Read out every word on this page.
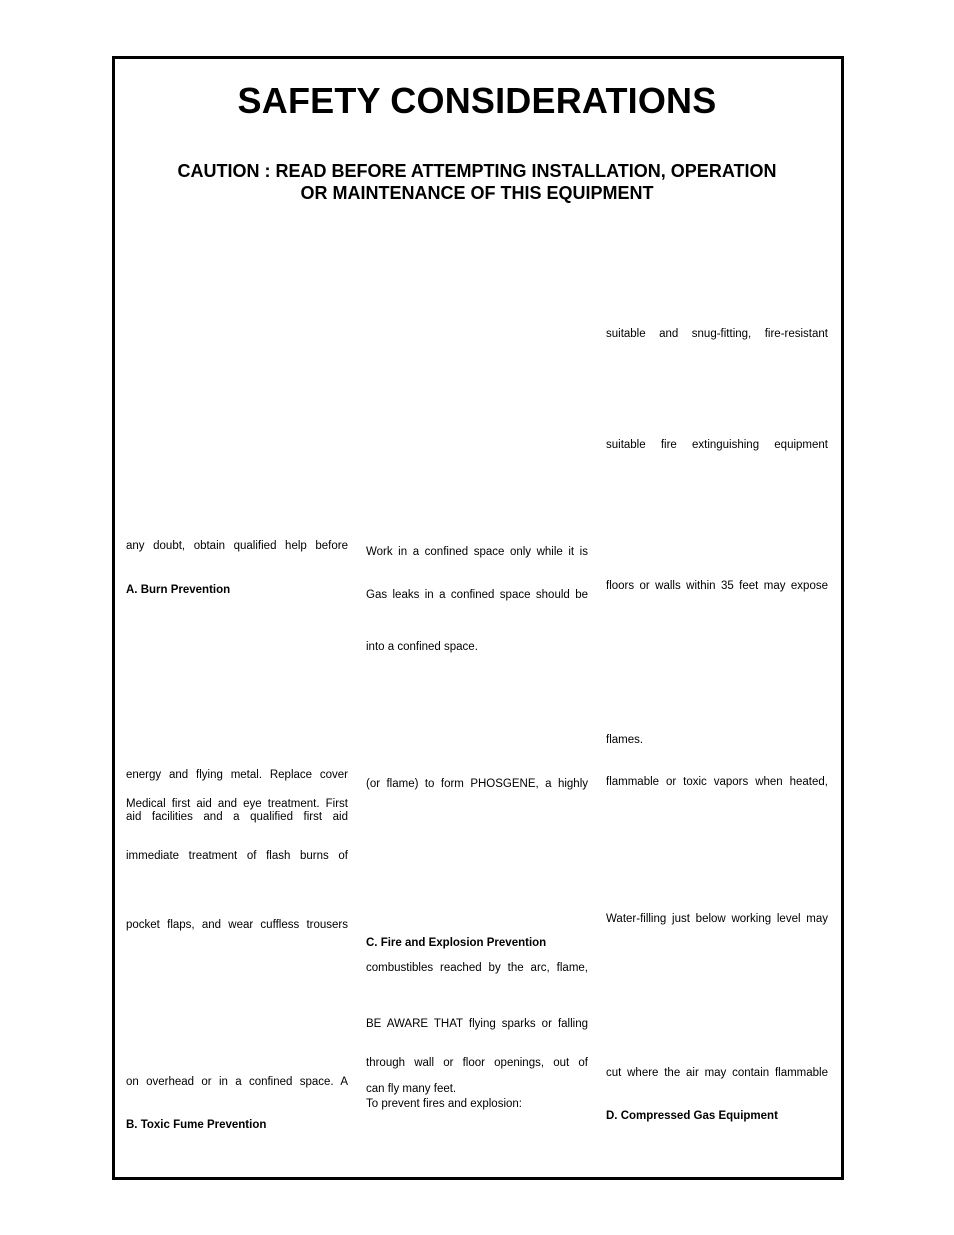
SAFETY CONSIDERATIONS
CAUTION : READ BEFORE ATTEMPTING INSTALLATION, OPERATION
OR MAINTENANCE OF THIS EQUIPMENT
any doubt, obtain qualified help before
A. Burn Prevention
energy and flying metal. Replace cover
Medical first aid and eye treatment. First
aid facilities and a qualified first aid
immediate treatment of flash burns of
pocket flaps, and wear cuffless trousers
on overhead or in a confined space. A
B. Toxic Fume Prevention
Work in a confined space only while it is
Gas leaks in a confined space should be
into a confined space.
(or flame) to form PHOSGENE, a highly
C. Fire and Explosion Prevention
combustibles reached by the arc, flame,
BE AWARE THAT flying sparks or falling
through wall or floor openings, out of
can fly many feet.
To prevent fires and explosion:
suitable and snug-fitting, fire-resistant
suitable fire extinguishing equipment
floors or walls within 35 feet may expose
flames.
flammable or toxic vapors when heated,
Water-filling just below working level may
cut where the air may contain flammable
D. Compressed Gas Equipment
